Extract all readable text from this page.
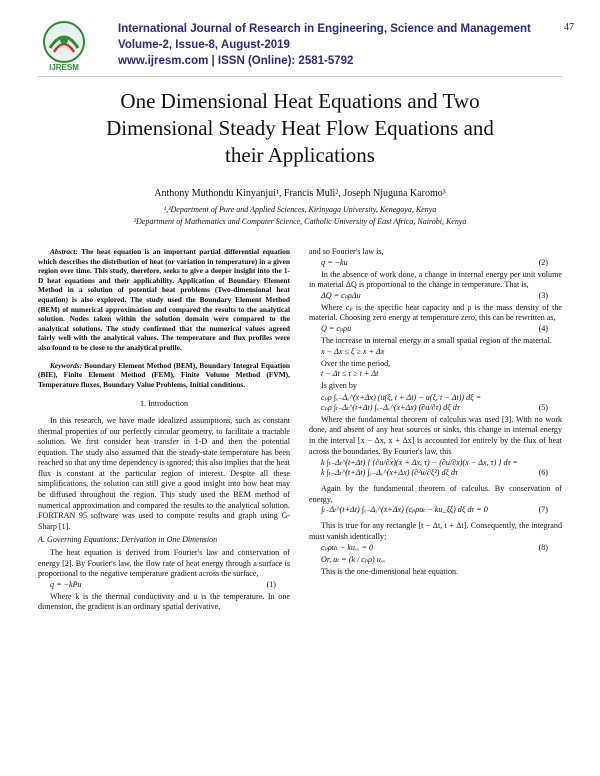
IJRESM
International Journal of Research in Engineering, Science and Management
Volume-2, Issue-8, August-2019
www.ijresm.com | ISSN (Online): 2581-5792
47
One Dimensional Heat Equations and Two
Dimensional Steady Heat Flow Equations and
their Applications
Anthony Muthondu Kinyanjui¹, Francis Muli², Joseph Njuguna Karomo³
¹,³Department of Pure and Applied Sciences, Kirinyaga University, Kenegoya, Kenya
²Department of Mathematics and Computer Science, Catholic University of East Africa, Nairobi, Kenya

Abstract: The heat equation is an important partial differential equation which describes the distribution of heat (or variation in temperature) in a given region over time. This study, therefore, seeks to give a deeper insight into the 1-D heat equations and their applicability. Application of Boundary Element Method in a solution of potential heat problems (Two-dimensional heat equation) is also explored. The study used the Boundary Element Method (BEM) of numerical approximation and compared the results to the analytical solution. Nodes taken within the solution domain were compared to the analytical solutions. The study confirmed that the numerical values agreed fairly well with the analytical values. The temperature and flux profiles were also found to be close to the analytical profile.

Keywords: Boundary Element Method (BEM), Boundary Integral Equation (BIE), Finite Element Method (FEM), Finite Volume Method (FVM), Temperature fluxes, Boundary Value Problems, Initial conditions.

1. Introduction

In this research, we have made idealized assumptions, such as constant thermal properties of our perfectly circular geometry, to facilitate a tractable solution. We first consider heat transfer in 1-D and then the potential equation. The study also assumed that the steady-state temperature has been reached so that any time dependency is ignored; this also implies that the heat flux is constant at the particular region of interest. Despite all these simplifications, the solution can still give a good insight into how heat may be diffused throughout the region. This study used the BEM method of numerical approximation and compared the results to the analytical solution. FORTRAN 95 software was used to compute results and graph using G-Sharp [1].

A. Governing Equations: Derivation in One Dimension

The heat equation is derived from Fourier's law and conservation of energy [2]. By Fourier's law, the flow rate of heat energy through a surface is proportional to the negative temperature gradient across the surface,

q = −kΡu	(1)

Where k is the thermal conductivity and u is the temperature. In one dimension, the gradient is an ordinary spatial derivative,

and so Fourier's law is,

q = −ku	(2)

In the absence of work done, a change in internal energy per unit volume in material ΔQ is proportional to the change in temperature. That is,

ΔQ = cₚρΔu	(3)

Where cₚ is the specific heat capacity and ρ is the mass density of the material. Choosing zero energy at temperature zero, this can be rewritten as,

Q = cₚρu	(4)

The increase in internal energy in a small spatial region of the material.

x − Δx ≤ ξ ≥ x + Δx

Over the time period,

t − Δt ≤ τ ≥ t + Δt

Is given by

cₚρ ∫ₓ₋Δₓ^(x+Δx) (u(ξ, t + Δt) − u(ξ, t − Δt)) dξ =
cₚρ ∫ₜ₋Δₜ^(t+Δt) ∫ₓ₋Δₓ^(x+Δx) (∂u/∂τ) dξ dτ	(5)

Where the fundamental theorem of calculus was used [3]. With no work done, and absent of any heat sources or sinks, this change in internal energy in the interval [x − Δx, x + Δx] is accounted for entirely by the flux of heat across the boundaries. By Fourier's law, this

k ∫ₜ₋Δₜ^(t+Δt) { (∂u/∂x)(x + Δx, τ) − (∂u/∂x)(x − Δx, τ) } dτ =
k ∫ₜ₋Δₜ^(t+Δt) ∫ₓ₋Δₓ^(x+Δx) (∂²u/∂ξ²) dξ dτ	(6)

Again by the fundamental theorem of calculus. By conservation of energy,

∫ₜ₋Δₜ^(t+Δt) ∫ₓ₋Δₓ^(x+Δx) (cₚρuₜ − ku_ξξ) dξ dτ = 0	(7)

This is true for any rectangle [t − Δt, t + Δt]. Consequently, the integrand must vanish identically;

cₚρuₜ − kuₓₓ = 0	(8)
Or, uₜ = (k / cₚρ) uₓₓ

This is the one-dimensional heat equation.
